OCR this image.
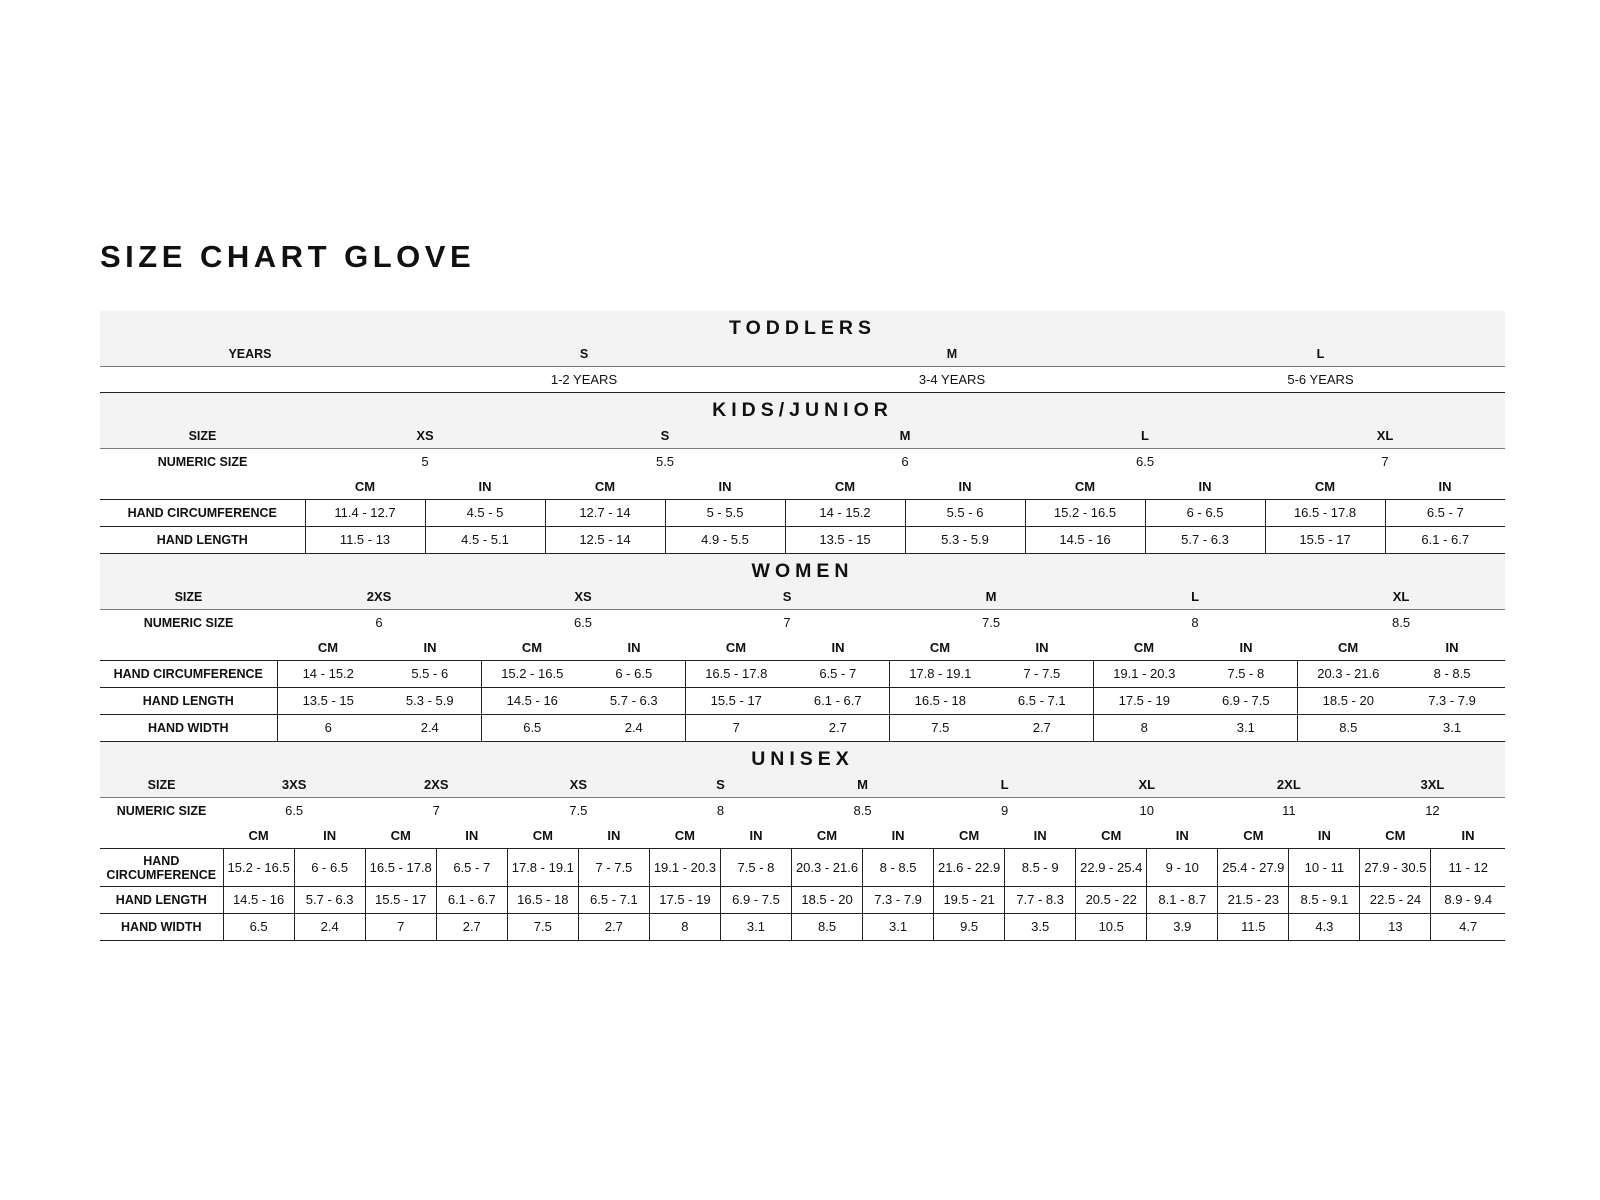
SIZE CHART GLOVE
TODDLERS
YEARS	S	M	L
	1-2 YEARS	3-4 YEARS	5-6 YEARS
KIDS/JUNIOR
SIZE	XS		S		M		L		XL	
NUMERIC SIZE	5		5.5		6		6.5		7	
	CM	IN	CM	IN	CM	IN	CM	IN	CM	IN
HAND CIRCUMFERENCE	11.4 - 12.7	4.5 - 5	12.7 - 14	5 - 5.5	14 - 15.2	5.5 - 6	15.2 - 16.5	6 - 6.5	16.5 - 17.8	6.5 - 7
HAND LENGTH	11.5 - 13	4.5 - 5.1	12.5 - 14	4.9 - 5.5	13.5 - 15	5.3 - 5.9	14.5 - 16	5.7 - 6.3	15.5 - 17	6.1 - 6.7
WOMEN
SIZE	2XS		XS		S		M		L		XL	
NUMERIC SIZE	6		6.5		7		7.5		8		8.5	
	CM	IN	CM	IN	CM	IN	CM	IN	CM	IN	CM	IN
HAND CIRCUMFERENCE	14 - 15.2	5.5 - 6	15.2 - 16.5	6 - 6.5	16.5 - 17.8	6.5 - 7	17.8 - 19.1	7 - 7.5	19.1 - 20.3	7.5 - 8	20.3 - 21.6	8 - 8.5
HAND LENGTH	13.5 - 15	5.3 - 5.9	14.5 - 16	5.7 - 6.3	15.5 - 17	6.1 - 6.7	16.5 - 18	6.5 - 7.1	17.5 - 19	6.9 - 7.5	18.5 - 20	7.3 - 7.9
HAND WIDTH	6	2.4	6.5	2.4	7	2.7	7.5	2.7	8	3.1	8.5	3.1
UNISEX
SIZE	3XS		2XS		XS		S		M		L		XL		2XL		3XL	
NUMERIC SIZE	6.5		7		7.5		8		8.5		9		10		11		12	
	CM	IN	CM	IN	CM	IN	CM	IN	CM	IN	CM	IN	CM	IN	CM	IN	CM	IN
HAND
CIRCUMFERENCE	15.2 - 16.5	6 - 6.5	16.5 - 17.8	6.5 - 7	17.8 - 19.1	7 - 7.5	19.1 - 20.3	7.5 - 8	20.3 - 21.6	8 - 8.5	21.6 - 22.9	8.5 - 9	22.9 - 25.4	9 - 10	25.4 - 27.9	10 - 11	27.9 - 30.5	11 - 12
HAND LENGTH	14.5 - 16	5.7 - 6.3	15.5 - 17	6.1 - 6.7	16.5 - 18	6.5 - 7.1	17.5 - 19	6.9 - 7.5	18.5 - 20	7.3 - 7.9	19.5 - 21	7.7 - 8.3	20.5 - 22	8.1 - 8.7	21.5 - 23	8.5 - 9.1	22.5 - 24	8.9 - 9.4
HAND WIDTH	6.5	2.4	7	2.7	7.5	2.7	8	3.1	8.5	3.1	9.5	3.5	10.5	3.9	11.5	4.3	13	4.7
